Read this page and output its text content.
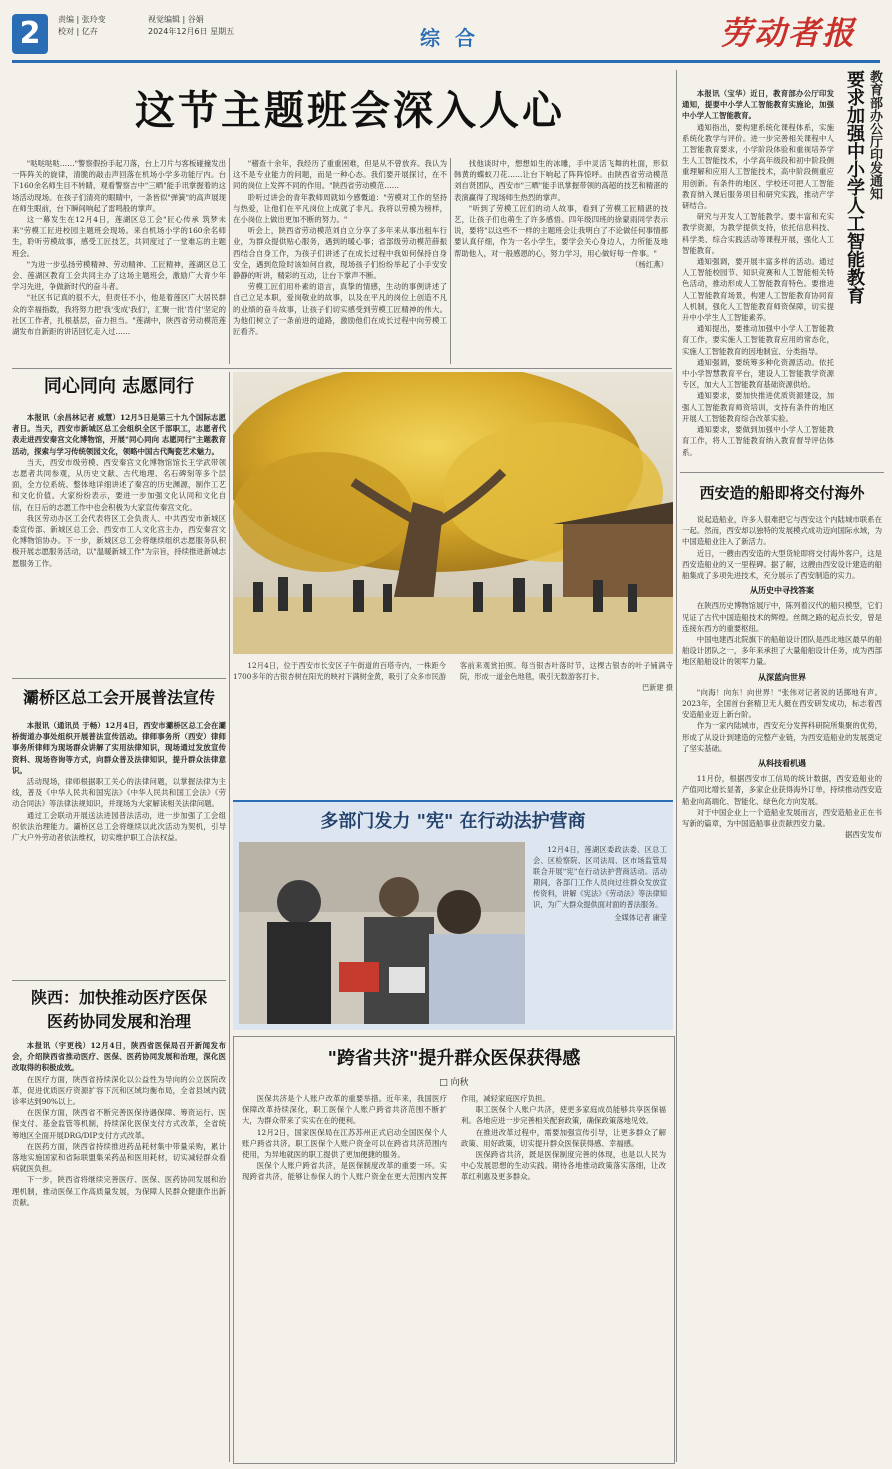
2	责编 | 张玲变
校对 | 亿卉
视觉编辑 | 谷娟
2024年12月6日 星期五	综 合	劳动者报
这节主题班会深入人心

"哒哒哒哒……"警察假扮手起刀落，台上刀片与客板碰撞发出一阵阵关的旋律，清脆的敲击声回落在机场小学多功能厅内。台下160余名师生目不转睛，观看警察吉中"三晒"能手讯掌握着的这场活动现场。在孩子们清亮的眼睛中，一条皆似"弹簧"的高声展现在师生眼前，台下瞬间响起了雷鸣般的掌声。

这一幕发生在12月4日，莲湖区总工会"匠心传承 筑梦未来"劳模工匠进校园主题班会现场。来自机场小学的160余名师生，聆听劳模故事，感受工匠技艺，共同度过了一堂难忘的主题班会。

"为进一步弘扬劳模精神、劳动精神、工匠精神，莲湖区总工会、莲湖区教育工会共同主办了这场主题班会，激励广大青少年学习先进，争做新时代的奋斗者。

"社区书记真的很不大，但责任不小，他是着莲区广大居民群众的幸福指数，我将努力把'我'变成'我们'，汇聚一批'肯付'坚定的社区工作者，扎根基层，奋力担当。"莲湖中，陕西省劳动模范莲湖发布自新距的讲话回忆走入过……

"稽查十余年，我经历了重重困难，但是从不曾放弃。我认为这不是专业能力的问题，而是一种心态。我们要开展探讨，在不同的岗位上发挥不同的作用。"陕西省劳动模范……

聆听过讲会的青年教师周就如今感慨道："劳模对工作的坚持与热爱，让他们在平凡岗位上成就了非凡。我将以劳模为榜样，在小岗位上做出更加不断的努力。"

听会上，陕西省劳动模范刘自立分享了多年来从事出租车行业，为群众提供贴心服务，遇到的暖心事；省部级劳动模范薛振西结合自身工作，为孩子们讲述了在成长过程中我如何保持自身安全，遇到危险时该如何自救，现场孩子们纷纷举起了小手安安静静的听讲，精彩的互动，让台下掌声不断。

劳模工匠们用朴素的语言，真挚的情感，生动的事例讲述了自己立足本职，爱岗敬业的故事，以及在平凡的岗位上创造不凡的业绩的奋斗故事，让孩子们切实感受到劳模工匠精神的伟大。为他们树立了一条前进的道路，激励他们在成长过程中向劳模工匠看齐。

找他谈时中，想想如生的冰雕，手中灵活飞舞的杜面，形似韩黄的蝶蚁刀花……让台下响起了阵阵惊呼。由陕西省劳动模范刘自贤团队，西安市"三晒"能手讯掌握带领的高超的技艺和精湛的表演赢得了现场师生热烈的掌声。

"听到了劳模工匠们的动人故事，看到了劳模工匠精湛的技艺，让孩子们也萌生了许多感悟。四年级四班的徐蒙雨同学表示说，要将"以这些不一样的主题班会让我明白了不论做任何事情都要认真仔细，作为一名小学生，要学会关心身边人，力所能及地帮助他人，对一般感恩的心，努力学习，用心做好每一件事。"

（杨红燕）

教育部办公厅印发通知
要求加强中小学人工智能教育

本报讯（宝华）近日，教育部办公厅印发通知，提要中小学人工智能教育实施论，加强中小学人工智能教育。

通知指出，要构建系统化课程体系，实施系统化教学与评价。进一步完善相关课程中人工智能教育要求，小学阶段体验和重视培养学生人工智能技术，小学高年级段和初中阶段侧重理解和应用人工智能技术，高中阶段侧重应用创新。有条件的地区、学校还可把人工智能教育纳入课后服务项目和研究实践，推动产学研结合。

研究与开发人工智能教学。要丰富和充实教学资源，为教学提供支持，依托信息科技、科学类、综合实践活动等课程开展，强化人工智能教育。

通知强调，要开展丰富多样的活动。通过人工智能校园节、知识竞赛和人工智能相关特色活动，推动形成人工智能教育特色。要推进人工智能教育场景，构建人工智能教育协同育人机制，强化人工智能教育师资保障，切实提升中小学生人工智能素养。

通知提出，要推动加强中小学人工智能教育工作，要实施人工智能教育应用的常态化，实施人工智能教育的因地制宜、分类指导。

通知强调，要统筹多种化资源活动。依托中小学智慧教育平台，建设人工智能教学资源专区，加大人工智能教育基础资源供给。

通知要求，要加快推进优质资源建设，加强人工智能教育师资培训，支持有条件的地区开展人工智能教育综合改革实验。

通知要求，要做到加强中小学人工智能教育工作，将人工智能教育纳入教育督导评估体系。

西安造的船即将交付海外

说起造船业，许多人很难把它与西安这个内陆城市联系在一起。然而，西安却以独特的发展模式成功迈向国际水域，为中国造船业注入了新活力。

近日，一艘由西安造的大型货轮即将交付海外客户，这是西安造船业的又一里程碑。据了解，这艘由西安设计建造的船舶集成了多项先进技术，充分展示了西安制造的实力。

从历史中寻找答案

在陕西历史博物馆展厅中，陈列着汉代的船只模型，它们见证了古代中国造船技术的辉煌。丝绸之路的起点长安，曾是连接东西方的重要枢纽。

中国电建西北院旗下的船舶设计团队是西北地区最早的船舶设计团队之一，多年来承担了大量船舶设计任务，成为西部地区船舶设计的领军力量。

从深蓝向世界

"向海！向东！向世界！"张伟对记者说的话掷地有声。2023年，全国首台套精卫无人艇在西安研发成功，标志着西安造船业迈上新台阶。

作为一家内陆城市，西安充分发挥科研院所集聚的优势，形成了从设计到建造的完整产业链，为西安造船业的发展奠定了坚实基础。

从科技看机遇

11月份，根据西安市工信局的统计数据，西安造船业的产值同比增长显著，多家企业获得海外订单，持续推动西安造船业向高端化、智能化、绿色化方向发展。

对于中国企业上一个造船业发展而言，西安造船业正在书写新的篇章，为中国造船事业贡献西安力量。

据西安发布
同心同向 志愿同行

本报讯（余昌林记者 威慧）12月5日是第三十九个国际志愿者日。当天，西安市新城区总工会组织全区千部职工，志愿者代表走进西安秦宫文化博物馆，开展"同心同向 志愿同行"主题教育活动，探索与学习传统领园文化，领略中国古代陶瓷艺术魅力。

当天，西安市级劳模、西安秦宫文化博物馆馆长王学武带领志愿者共同参观，从历史文献、古代地理、名石碑刻等多个层面，全方位系统、整体地详细讲述了秦宫的历史渊源，制作工艺和文化价值。大家纷纷表示，要进一步加强文化认同和文化自信，在日后的志愿工作中也会积极为大家宣传秦宫文化。

我区劳动办区工会代表将区工会负责人、中共西安市新城区委宣传部、新城区总工会、西安市工人文化宫主办，西安秦宫文化博物馆协办。下一步，新城区总工会将继续组织志愿服务队积极开展志愿服务活动，以"温暖新城工作"为宗旨，持续推进新城志愿服务工作。

灞桥区总工会开展普法宣传

本报讯（通讯员 于畅）12月4日，西安市灞桥区总工会在灞桥街道办事处组织开展普法宣传活动。律师事务所（西安）律师事务所律师为现场群众讲解了实用法律知识，现场通过发放宣传资料、现场咨询等方式，向群众普及法律知识，提升群众法律意识。

活动现场，律师根据职工关心的法律问题，以掌握法律为主线，普及《中华人民共和国宪法》《中华人民共和国工会法》《劳动合同法》等法律法规知识，并现场为大家解读相关法律问题。

通过工会联动开展送法进园普法活动，进一步加强了工会组织依法治理能力。灞桥区总工会将继续以此次活动为契机，引导广大户外劳动者依法维权，切实维护职工合法权益。

陕西：加快推动医疗医保
医药协同发展和治理

本报讯（宇更栈）12月4日，陕西省医保局召开新闻发布会，介绍陕西省推动医疗、医保、医药协同发展和治理，深化医改取得的积极成效。

在医疗方面，陕西省持续深化以公益性为导向的公立医院改革，促进优质医疗资源扩容下沉和区域均衡布局，全省县域内就诊率达到90%以上。

在医保方面，陕西省不断完善医保待遇保障、筹资运行、医保支付、基金监管等机制，持续深化医保支付方式改革，全省统筹地区全面开展DRG/DIP支付方式改革。

在医药方面，陕西省持续推进药品耗材集中带量采购，累计落地实施国家和省际联盟集采药品和医用耗材，切实减轻群众看病就医负担。

下一步，陕西省将继续完善医疗、医保、医药协同发展和治理机制，推动医保工作高质量发展，为保障人民群众健康作出新贡献。

12月4日，位于西安市长安区子午街道的百塔寺内，一株距今1700多年的古银杏树在阳光的映衬下满树金黄，吸引了众多市民游客前来观赏拍照。每当银杏叶落时节，这棵古银杏的叶子铺满寺院，形成一道金色地毯，吸引无数游客打卡。

巴新建 摄
多部门发力 "宪" 在行动法护营商

12月4日，莲湖区委政法委、区总工会、区检察院、区司法局、区市场监管局联合开展"宪"在行动法护营商活动。活动期间，各部门工作人员向过往群众发放宣传资料，讲解《宪法》《劳动法》等法律知识，为广大群众提供面对面的普法服务。

全媒体记者 庸莹
"跨省共济"提升群众医保获得感
□ 向秋

医保共济是个人账户改革的重要举措。近年来，我国医疗保障改革持续深化，职工医保个人账户跨省共济范围不断扩大，为群众带来了实实在在的便利。

12月2日，国家医保局在江苏苏州正式启动全国医保个人账户跨省共济。职工医保个人账户资金可以在跨省共济范围内使用，为异地就医的职工提供了更加便捷的服务。

医保个人账户跨省共济，是医保制度改革的重要一环。实现跨省共济，能够让参保人的个人账户资金在更大范围内发挥作用，减轻家庭医疗负担。

职工医保个人账户共济，使更多家庭成员能够共享医保福利。各地应进一步完善相关配套政策，确保政策落地见效。

在推进改革过程中，需要加强宣传引导，让更多群众了解政策、用好政策，切实提升群众医保获得感、幸福感。

医保跨省共济，既是医保制度完善的体现，也是以人民为中心发展思想的生动实践。期待各地推动政策落实落细，让改革红利惠及更多群众。
